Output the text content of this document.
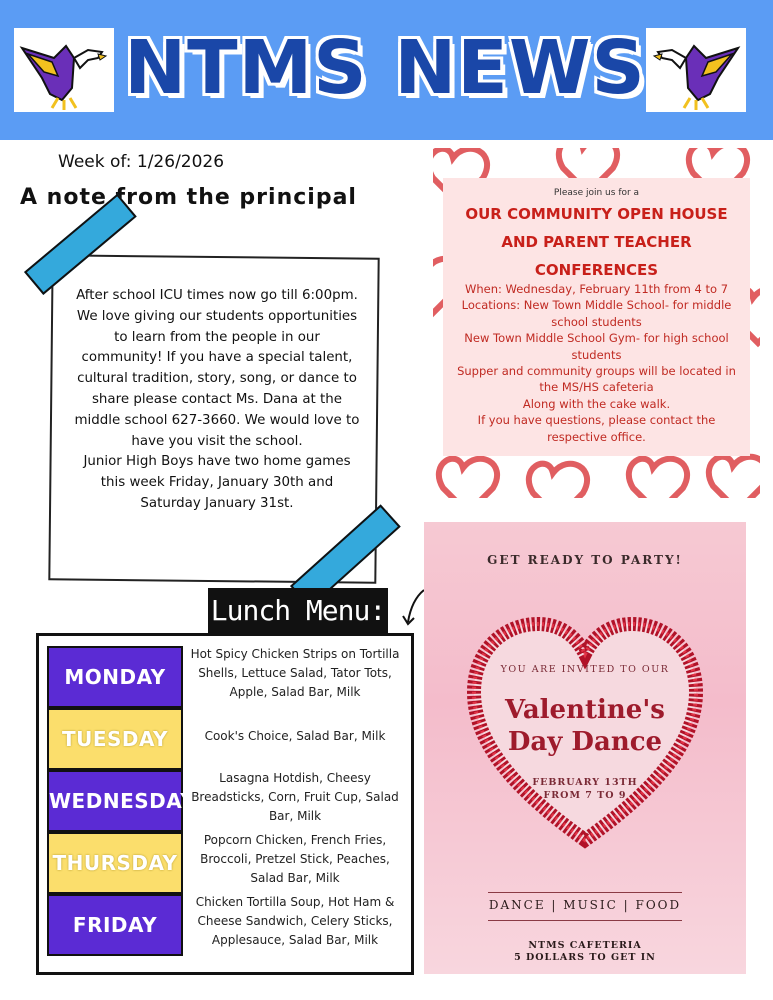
NTMS NEWS
Week of: 1/26/2026
A note from the principal

After school ICU times now go till 6:00pm.

We love giving our students opportunities to learn from the people in our community! If you have a special talent, cultural tradition, story, song, or dance to share please contact Ms. Dana at the middle school 627-3660. We would love to have you visit the school.

Junior High Boys have two home games this week Friday, January 30th and Saturday January 31st.

Lunch Menu:
MONDAY
Hot Spicy Chicken Strips on Tortilla Shells, Lettuce Salad, Tator Tots, Apple, Salad Bar, Milk
TUESDAY	Cook's Choice, Salad Bar, Milk
WEDNESDAY
Lasagna Hotdish, Cheesy Breadsticks, Corn, Fruit Cup, Salad Bar, Milk
THURSDAY
Popcorn Chicken, French Fries, Broccoli, Pretzel Stick, Peaches, Salad Bar, Milk
FRIDAY
Chicken Tortilla Soup, Hot Ham & Cheese Sandwich, Celery Sticks, Applesauce, Salad Bar, Milk
Please join us for a
OUR COMMUNITY OPEN HOUSE
AND PARENT TEACHER
CONFERENCES

When: Wednesday, February 11th from 4 to 7

Locations: New Town Middle School- for middle school students

New Town Middle School Gym- for high school students

Supper and community groups will be located in the MS/HS cafeteria

Along with the cake walk.

If you have questions, please contact the respective office.

GET READY TO PARTY!
YOU ARE INVITED TO OUR
Valentine's
Day Dance
FEBRUARY 13TH
FROM 7 TO 9
DANCE | MUSIC | FOOD
NTMS CAFETERIA
5 DOLLARS TO GET IN
